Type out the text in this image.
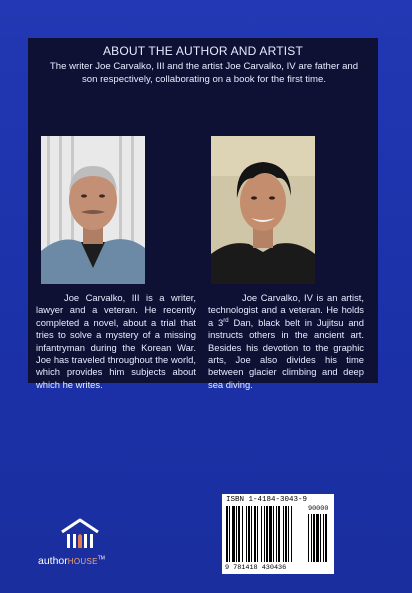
ABOUT THE AUTHOR AND ARTIST
The writer Joe Carvalko, III and the artist Joe Carvalko, IV are father and son respectively, collaborating on a book for the first time.
Joe Carvalko, III is a writer, lawyer and a veteran. He recently completed a novel, about a trial that tries to solve a mystery of a missing infantryman during the Korean War. Joe has traveled throughout the world, which provides him subjects about which he writes.
Joe Carvalko, IV is an artist, technologist and a veteran. He holds a 3rd Dan, black belt in Jujitsu and instructs others in the ancient art. Besides his devotion to the graphic arts, Joe also divides his time between glacier climbing and deep sea diving.
authorHOUSE™
ISBN 1-4184-3043-9
90000
9 781418 430436
